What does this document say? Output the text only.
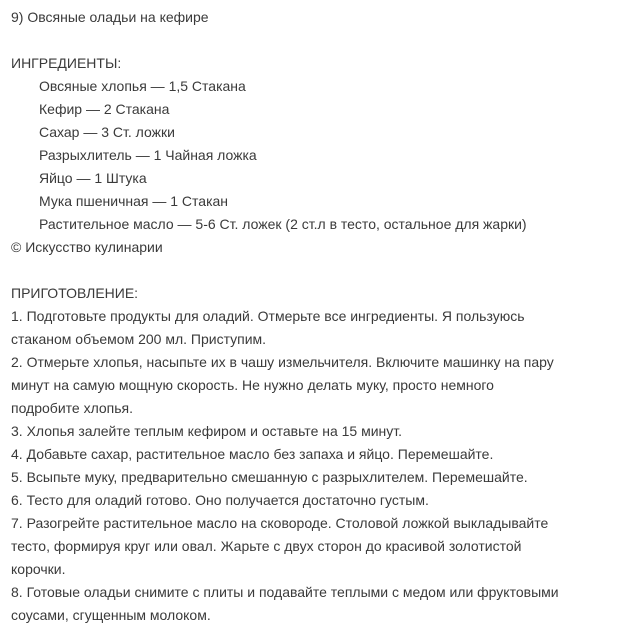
9) Овсяные оладьи на кефире
ИНГРЕДИЕНТЫ:
Овсяные хлопья — 1,5 Стакана
Кефир — 2 Стакана
Сахар — 3 Ст. ложки
Разрыхлитель — 1 Чайная ложка
Яйцо — 1 Штука
Мука пшеничная — 1 Стакан
Растительное масло — 5-6 Ст. ложек (2 ст.л в тесто, остальное для жарки)
© Искусство кулинарии
ПРИГОТОВЛЕНИЕ:
1. Подготовьте продукты для оладий. Отмерьте все ингредиенты. Я пользуюсь
стаканом объемом 200 мл. Приступим.
2. Отмерьте хлопья, насыпьте их в чашу измельчителя. Включите машинку на пару
минут на самую мощную скорость. Не нужно делать муку, просто немного
подробите хлопья.
3. Хлопья залейте теплым кефиром и оставьте на 15 минут.
4. Добавьте сахар, растительное масло без запаха и яйцо. Перемешайте.
5. Всыпьте муку, предварительно смешанную с разрыхлителем. Перемешайте.
6. Тесто для оладий готово. Оно получается достаточно густым.
7. Разогрейте растительное масло на сковороде. Столовой ложкой выкладывайте
тесто, формируя круг или овал. Жарьте с двух сторон до красивой золотистой
корочки.
8. Готовые оладьи снимите с плиты и подавайте теплыми с медом или фруктовыми
соусами, сгущенным молоком.
